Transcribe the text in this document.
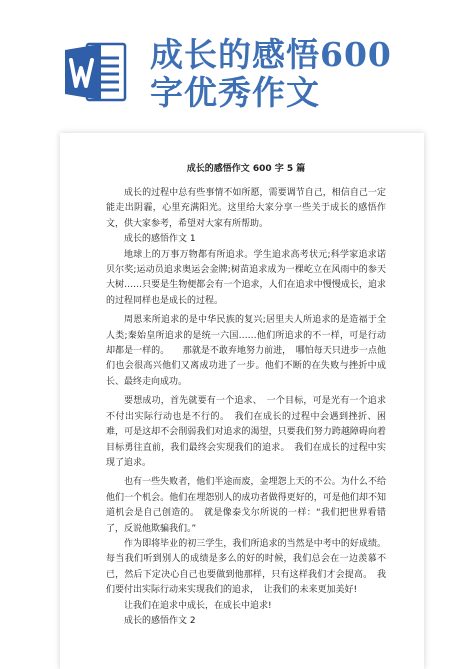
成长的感悟600
字优秀作文

成长的感悟作文 600 字 5 篇

成长的过程中总有些事情不如所愿，需要调节自己，相信自己一定能走出阴霾，心里充满阳光。这里给大家分享一些关于成长的感悟作文，供大家参考，希望对大家有所帮助。

成长的感悟作文 1

地球上的万事万物都有所追求。学生追求高考状元;科学家追求诺贝尔奖;运动员追求奥运会金牌;树苗追求成为一棵屹立在风雨中的参天大树……只要是生物便都会有一个追求，人们在追求中慢慢成长，追求的过程同样也是成长的过程。

周恩来所追求的是中华民族的复兴;居里夫人所追求的是造福于全人类;秦始皇所追求的是统一六国……他们所追求的不一样，可是行动却都是一样的。　　那就是不敢弃地努力前进，　哪怕每天只进步一点他们也会很高兴他们又离成功进了一步。他们不断的在失败与挫折中成长、最终走向成功。

要想成功，首先就要有一个追求、　一个目标，可是光有一个追求不付出实际行动也是不行的。　我们在成长的过程中会遇到挫折、困难，可是这却不会削弱我们对追求的渴望，只要我们努力跨越障碍向着目标勇往直前，我们最终会实现我们的追求。　我们在成长的过程中实现了追求。

也有一些失败者，他们半途而废，金埋怨上天的不公。为什么不给他们一个机会。他们在埋怨别人的成功者做得更好的，可是他们却不知道机会是自己创造的。　就是像泰戈尔所说的一样：“我们把世界看错了，反说他欺骗我们。”

作为即将毕业的初三学生，我们所追求的当然是中考中的好成绩。每当我们听到别人的成绩是多么的好的时候，我们总会在一边羡慕不已，然后下定决心自己也要做到他那样，只有这样我们才会提高。　我们要付出实际行动来实现我们的追求，　让我们的未来更加美好!

让我们在追求中成长，在成长中追求!

成长的感悟作文 2
